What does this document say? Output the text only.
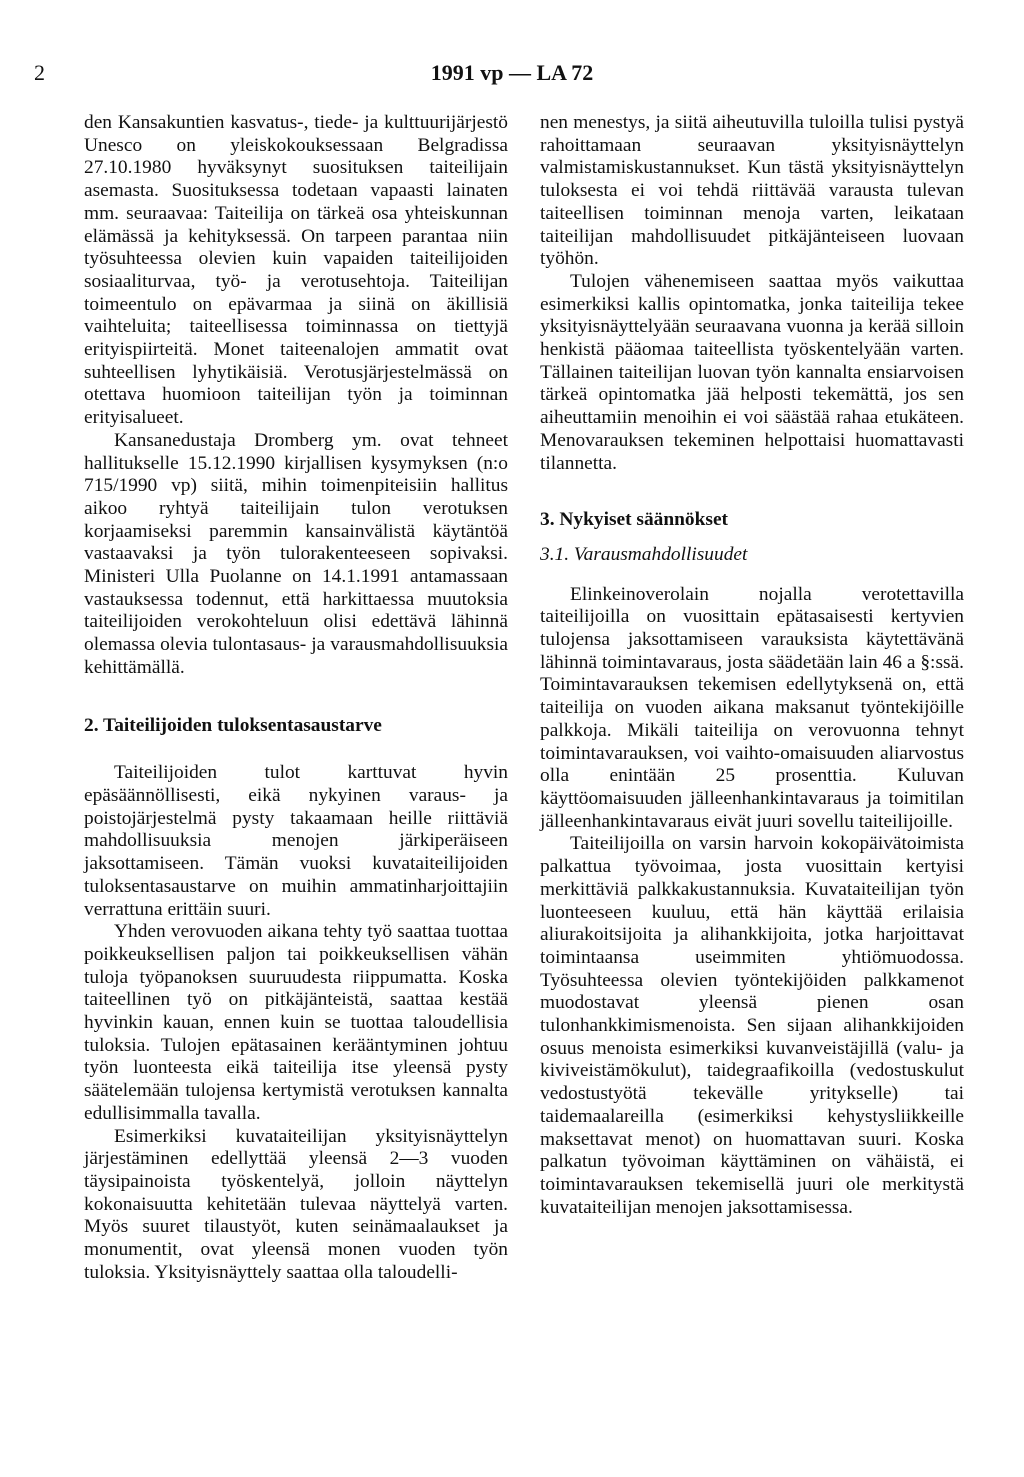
2	1991 vp — LA 72

den Kansakuntien kasvatus-, tiede- ja kulttuurijärjestö Unesco on yleiskokouksessaan Belgradissa 27.10.1980 hyväksynyt suosituksen taiteilijain asemasta. Suosituksessa todetaan vapaasti lainaten mm. seuraavaa: Taiteilija on tärkeä osa yhteiskunnan elämässä ja kehityksessä. On tarpeen parantaa niin työsuhteessa olevien kuin vapaiden taiteilijoiden sosiaaliturvaa, työ- ja verotusehtoja. Taiteilijan toimeentulo on epävarmaa ja siinä on äkillisiä vaihteluita; taiteellisessa toiminnassa on tiettyjä erityispiirteitä. Monet taiteenalojen ammatit ovat suhteellisen lyhytikäisiä. Verotusjärjestelmässä on otettava huomioon taiteilijan työn ja toiminnan erityisalueet.

Kansanedustaja Dromberg ym. ovat tehneet hallitukselle 15.12.1990 kirjallisen kysymyksen (n:o 715/1990 vp) siitä, mihin toimenpiteisiin hallitus aikoo ryhtyä taiteilijain tulon verotuksen korjaamiseksi paremmin kansainvälistä käytäntöä vastaavaksi ja työn tulorakenteeseen sopivaksi. Ministeri Ulla Puolanne on 14.1.1991 antamassaan vastauksessa todennut, että harkittaessa muutoksia taiteilijoiden verokohteluun olisi edettävä lähinnä olemassa olevia tulontasaus- ja varausmahdollisuuksia kehittämällä.

2. Taiteilijoiden tuloksentasaustarve

Taiteilijoiden tulot karttuvat hyvin epäsäännöllisesti, eikä nykyinen varaus- ja poistojärjestelmä pysty takaamaan heille riittäviä mahdollisuuksia menojen järkiperäiseen jaksottamiseen. Tämän vuoksi kuvataiteilijoiden tuloksentasaustarve on muihin ammatinharjoittajiin verrattuna erittäin suuri.

Yhden verovuoden aikana tehty työ saattaa tuottaa poikkeuksellisen paljon tai poikkeuksellisen vähän tuloja työpanoksen suuruudesta riippumatta. Koska taiteellinen työ on pitkäjänteistä, saattaa kestää hyvinkin kauan, ennen kuin se tuottaa taloudellisia tuloksia. Tulojen epätasainen kerääntyminen johtuu työn luonteesta eikä taiteilija itse yleensä pysty säätelemään tulojensa kertymistä verotuksen kannalta edullisimmalla tavalla.

Esimerkiksi kuvataiteilijan yksityisnäyttelyn järjestäminen edellyttää yleensä 2—3 vuoden täysipainoista työskentelyä, jolloin näyttelyn kokonaisuutta kehitetään tulevaa näyttelyä varten. Myös suuret tilaustyöt, kuten seinämaalaukset ja monumentit, ovat yleensä monen vuoden työn tuloksia. Yksityisnäyttely saattaa olla taloudelli-

nen menestys, ja siitä aiheutuvilla tuloilla tulisi pystyä rahoittamaan seuraavan yksityisnäyttelyn valmistamiskustannukset. Kun tästä yksityisnäyttelyn tuloksesta ei voi tehdä riittävää varausta tulevan taiteellisen toiminnan menoja varten, leikataan taiteilijan mahdollisuudet pitkäjänteiseen luovaan työhön.

Tulojen vähenemiseen saattaa myös vaikuttaa esimerkiksi kallis opintomatka, jonka taiteilija tekee yksityisnäyttelyään seuraavana vuonna ja kerää silloin henkistä pääomaa taiteellista työskentelyään varten. Tällainen taiteilijan luovan työn kannalta ensiarvoisen tärkeä opintomatka jää helposti tekemättä, jos sen aiheuttamiin menoihin ei voi säästää rahaa etukäteen. Menovarauksen tekeminen helpottaisi huomattavasti tilannetta.

3. Nykyiset säännökset
3.1. Varausmahdollisuudet

Elinkeinoverolain nojalla verotettavilla taiteilijoilla on vuosittain epätasaisesti kertyvien tulojensa jaksottamiseen varauksista käytettävänä lähinnä toimintavaraus, josta säädetään lain 46 a §:ssä. Toimintavarauksen tekemisen edellytyksenä on, että taiteilija on vuoden aikana maksanut työntekijöille palkkoja. Mikäli taiteilija on verovuonna tehnyt toimintavarauksen, voi vaihto-omaisuuden aliarvostus olla enintään 25 prosenttia. Kuluvan käyttöomaisuuden jälleenhankintavaraus ja toimitilan jälleenhankintavaraus eivät juuri sovellu taiteilijoille.

Taiteilijoilla on varsin harvoin kokopäivätoimista palkattua työvoimaa, josta vuosittain kertyisi merkittäviä palkkakustannuksia. Kuvataiteilijan työn luonteeseen kuuluu, että hän käyttää erilaisia aliurakoitsijoita ja alihankkijoita, jotka harjoittavat toimintaansa useimmiten yhtiömuodossa. Työsuhteessa olevien työntekijöiden palkkamenot muodostavat yleensä pienen osan tulonhankkimismenoista. Sen sijaan alihankkijoiden osuus menoista esimerkiksi kuvanveistäjillä (valu- ja kiviveistämökulut), taidegraafikoilla (vedostuskulut vedostustyötä tekevälle yritykselle) tai taidemaalareilla (esimerkiksi kehystysliikkeille maksettavat menot) on huomattavan suuri. Koska palkatun työvoiman käyttäminen on vähäistä, ei toimintavarauksen tekemisellä juuri ole merkitystä kuvataiteilijan menojen jaksottamisessa.
